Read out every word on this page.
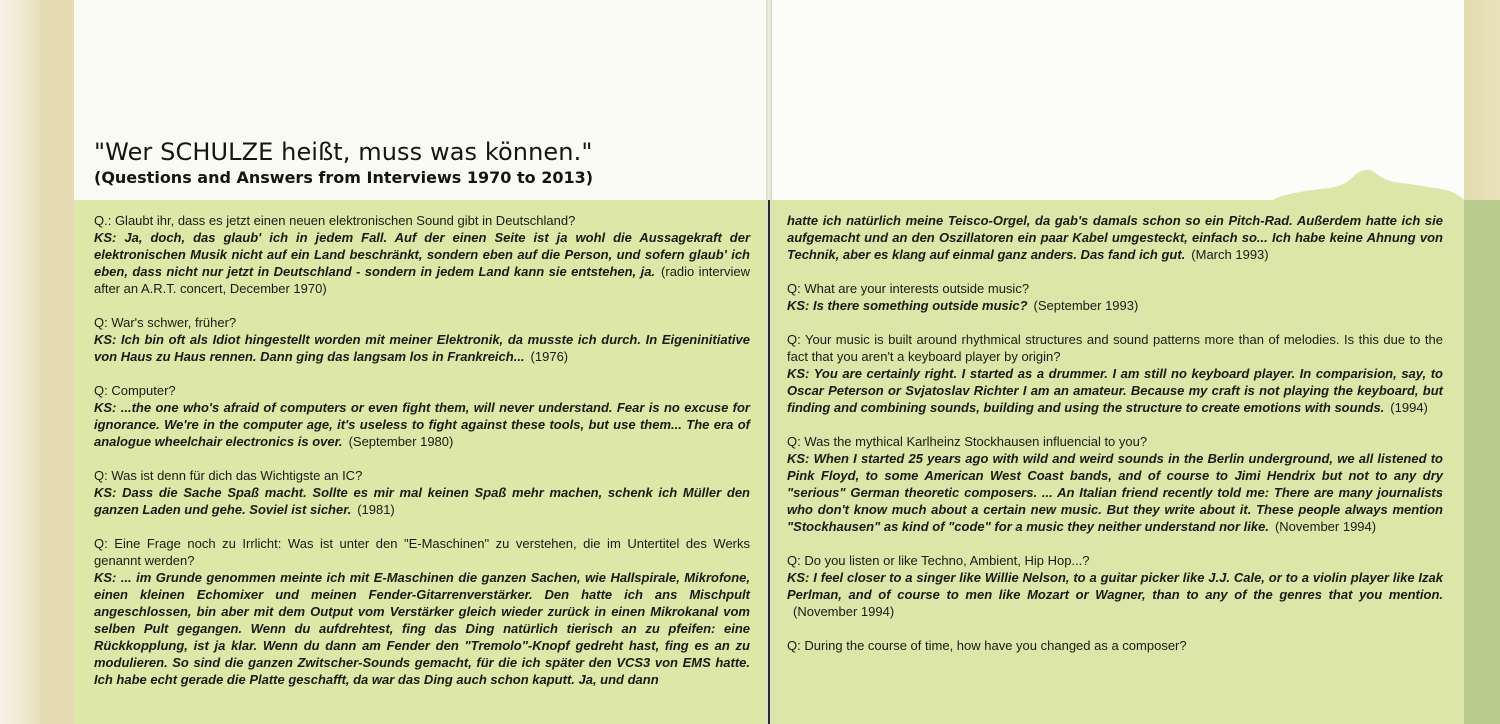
"Wer SCHULZE heißt, muss was können."
(Questions and Answers from Interviews 1970 to 2013)
Q.: Glaubt ihr, dass es jetzt einen neuen elektronischen Sound gibt in Deutschland?
KS: Ja, doch, das glaub' ich in jedem Fall. Auf der einen Seite ist ja wohl die Aussagekraft der elektronischen Musik nicht auf ein Land beschränkt, sondern eben auf die Person, und sofern glaub' ich eben, dass nicht nur jetzt in Deutschland - sondern in jedem Land kann sie entstehen, ja. (radio interview after an A.R.T. concert, December 1970)
Q: War's schwer, früher?
KS: Ich bin oft als Idiot hingestellt worden mit meiner Elektronik, da musste ich durch. In Eigeninitiative von Haus zu Haus rennen. Dann ging das langsam los in Frankreich... (1976)
Q: Computer?
KS: ...the one who's afraid of computers or even fight them, will never understand. Fear is no excuse for ignorance. We're in the computer age, it's useless to fight against these tools, but use them... The era of analogue wheelchair electronics is over. (September 1980)
Q: Was ist denn für dich das Wichtigste an IC?
KS: Dass die Sache Spaß macht. Sollte es mir mal keinen Spaß mehr machen, schenk ich Müller den ganzen Laden und gehe. Soviel ist sicher. (1981)
Q: Eine Frage noch zu Irrlicht: Was ist unter den "E-Maschinen" zu verstehen, die im Untertitel des Werks genannt werden?
KS: ... im Grunde genommen meinte ich mit E-Maschinen die ganzen Sachen, wie Hallspirale, Mikrofone, einen kleinen Echomixer und meinen Fender-Gitarrenverstärker. Den hatte ich ans Mischpult angeschlossen, bin aber mit dem Output vom Verstärker gleich wieder zurück in einen Mikrokanal vom selben Pult gegangen. Wenn du aufdrehtest, fing das Ding natürlich tierisch an zu pfeifen: eine Rückkopplung, ist ja klar. Wenn du dann am Fender den "Tremolo"-Knopf gedreht hast, fing es an zu modulieren. So sind die ganzen Zwitscher-Sounds gemacht, für die ich später den VCS3 von EMS hatte. Ich habe echt gerade die Platte geschafft, da war das Ding auch schon kaputt. Ja, und dann
hatte ich natürlich meine Teisco-Orgel, da gab's damals schon so ein Pitch-Rad. Außerdem hatte ich sie aufgemacht und an den Oszillatoren ein paar Kabel umgesteckt, einfach so... Ich habe keine Ahnung von Technik, aber es klang auf einmal ganz anders. Das fand ich gut. (March 1993)
Q: What are your interests outside music?
KS: Is there something outside music? (September 1993)
Q: Your music is built around rhythmical structures and sound patterns more than of melodies. Is this due to the fact that you aren't a keyboard player by origin?
KS: You are certainly right. I started as a drummer. I am still no keyboard player. In comparision, say, to Oscar Peterson or Svjatoslav Richter I am an amateur. Because my craft is not playing the keyboard, but finding and combining sounds, building and using the structure to create emotions with sounds. (1994)
Q: Was the mythical Karlheinz Stockhausen influencial to you?
KS: When I started 25 years ago with wild and weird sounds in the Berlin underground, we all listened to Pink Floyd, to some American West Coast bands, and of course to Jimi Hendrix but not to any dry "serious" German theoretic composers. ... An Italian friend recently told me: There are many journalists who don't know much about a certain new music. But they write about it. These people always mention "Stockhausen" as kind of "code" for a music they neither understand nor like. (November 1994)
Q: Do you listen or like Techno, Ambient, Hip Hop...?
KS: I feel closer to a singer like Willie Nelson, to a guitar picker like J.J. Cale, or to a violin player like Izak Perlman, and of course to men like Mozart or Wagner, than to any of the genres that you mention.(November 1994)
Q: During the course of time, how have you changed as a composer?
